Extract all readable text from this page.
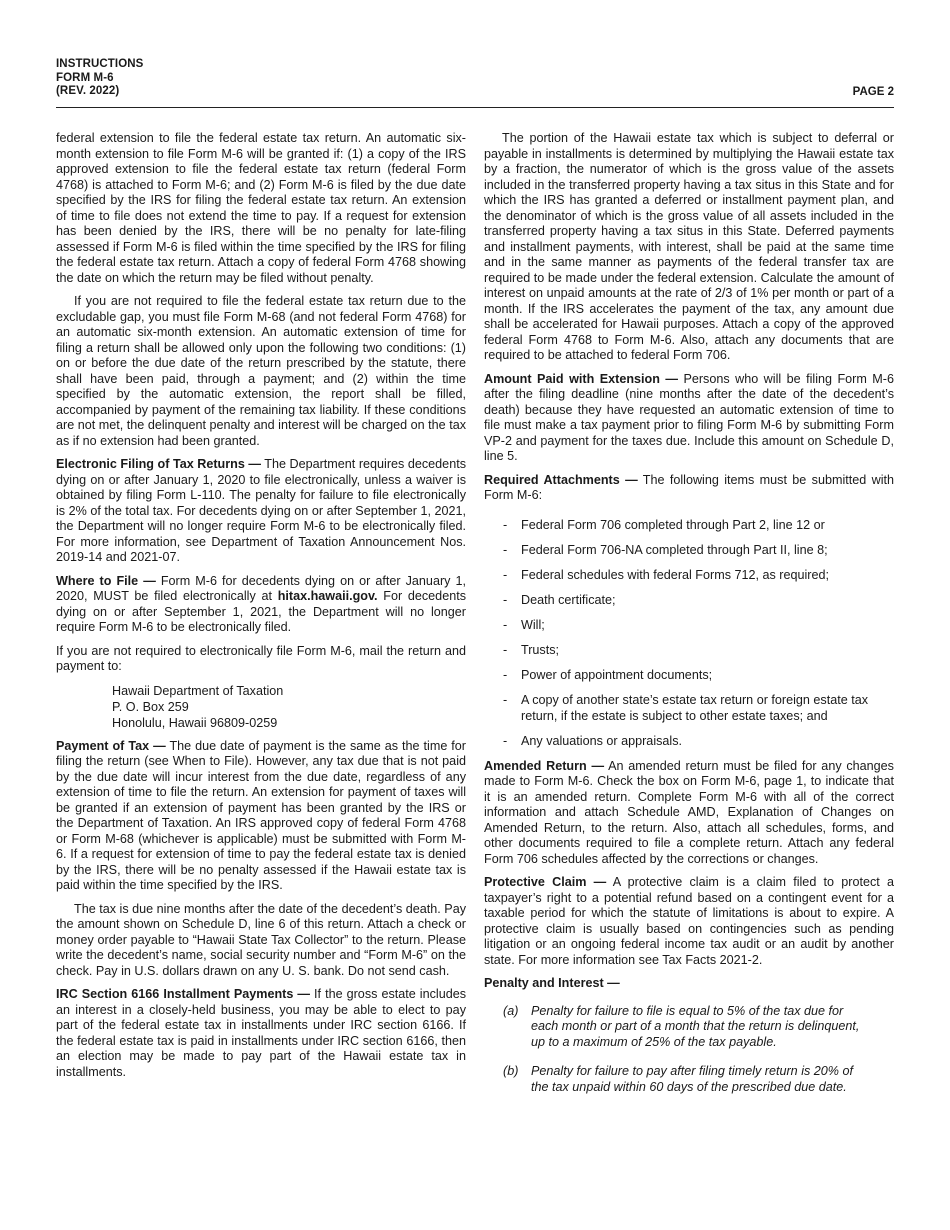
INSTRUCTIONS
FORM M-6
(REV. 2022)	PAGE 2

federal extension to file the federal estate tax return. An automatic six-month extension to file Form M-6 will be granted if: (1) a copy of the IRS approved extension to file the federal estate tax return (federal Form 4768) is attached to Form M-6; and (2) Form M-6 is filed by the due date specified by the IRS for filing the federal estate tax return. An extension of time to file does not extend the time to pay. If a request for extension has been denied by the IRS, there will be no penalty for late-filing assessed if Form M-6 is filed within the time specified by the IRS for filing the federal estate tax return. Attach a copy of federal Form 4768 showing the date on which the return may be filed without penalty.

If you are not required to file the federal estate tax return due to the excludable gap, you must file Form M-68 (and not federal Form 4768) for an automatic six-month extension. An automatic extension of time for filing a return shall be allowed only upon the following two conditions: (1) on or before the due date of the return prescribed by the statute, there shall have been paid, through a payment; and (2) within the time specified by the automatic extension, the report shall be filled, accompanied by payment of the remaining tax liability. If these conditions are not met, the delinquent penalty and interest will be charged on the tax as if no extension had been granted.

Electronic Filing of Tax Returns — The Department requires decedents dying on or after January 1, 2020 to file electronically, unless a waiver is obtained by filing Form L-110. The penalty for failure to file electronically is 2% of the total tax. For decedents dying on or after September 1, 2021, the Department will no longer require Form M-6 to be electronically filed. For more information, see Department of Taxation Announcement Nos. 2019-14 and 2021-07.

Where to File — Form M-6 for decedents dying on or after January 1, 2020, MUST be filed electronically at hitax.hawaii.gov. For decedents dying on or after September 1, 2021, the Department will no longer require Form M-6 to be electronically filed.

If you are not required to electronically file Form M-6, mail the return and payment to:

Hawaii Department of Taxation
P. O. Box 259
Honolulu, Hawaii 96809-0259

Payment of Tax — The due date of payment is the same as the time for filing the return (see When to File). However, any tax due that is not paid by the due date will incur interest from the due date, regardless of any extension of time to file the return. An extension for payment of taxes will be granted if an extension of payment has been granted by the IRS or the Department of Taxation. An IRS approved copy of federal Form 4768 or Form M-68 (whichever is applicable) must be submitted with Form M-6. If a request for extension of time to pay the federal estate tax is denied by the IRS, there will be no penalty assessed if the Hawaii estate tax is paid within the time specified by the IRS.

The tax is due nine months after the date of the decedent’s death. Pay the amount shown on Schedule D, line 6 of this return. Attach a check or money order payable to “Hawaii State Tax Collector” to the return. Please write the decedent’s name, social security number and “Form M-6” on the check. Pay in U.S. dollars drawn on any U. S. bank. Do not send cash.

IRC Section 6166 Installment Payments — If the gross estate includes an interest in a closely-held business, you may be able to elect to pay part of the federal estate tax in installments under IRC section 6166. If the federal estate tax is paid in installments under IRC section 6166, then an election may be made to pay part of the Hawaii estate tax in installments.

The portion of the Hawaii estate tax which is subject to deferral or payable in installments is determined by multiplying the Hawaii estate tax by a fraction, the numerator of which is the gross value of the assets included in the transferred property having a tax situs in this State and for which the IRS has granted a deferred or installment payment plan, and the denominator of which is the gross value of all assets included in the transferred property having a tax situs in this State. Deferred payments and installment payments, with interest, shall be paid at the same time and in the same manner as payments of the federal transfer tax are required to be made under the federal extension. Calculate the amount of interest on unpaid amounts at the rate of 2/3 of 1% per month or part of a month. If the IRS accelerates the payment of the tax, any amount due shall be accelerated for Hawaii purposes. Attach a copy of the approved federal Form 4768 to Form M-6. Also, attach any documents that are required to be attached to federal Form 706.

Amount Paid with Extension — Persons who will be filing Form M-6 after the filing deadline (nine months after the date of the decedent’s death) because they have requested an automatic extension of time to file must make a tax payment prior to filing Form M-6 by submitting Form VP-2 and payment for the taxes due. Include this amount on Schedule D, line 5.

Required Attachments — The following items must be submitted with Form M-6:

- Federal Form 706 completed through Part 2, line 12 or
- Federal Form 706-NA completed through Part II, line 8;
- Federal schedules with federal Forms 712, as required;
- Death certificate;
- Will;
- Trusts;
- Power of appointment documents;
- A copy of another state’s estate tax return or foreign estate tax return, if the estate is subject to other estate taxes; and
- Any valuations or appraisals.

Amended Return — An amended return must be filed for any changes made to Form M-6. Check the box on Form M-6, page 1, to indicate that it is an amended return. Complete Form M-6 with all of the correct information and attach Schedule AMD, Explanation of Changes on Amended Return, to the return. Also, attach all schedules, forms, and other documents required to file a complete return. Attach any federal Form 706 schedules affected by the corrections or changes.

Protective Claim — A protective claim is a claim filed to protect a taxpayer’s right to a potential refund based on a contingent event for a taxable period for which the statute of limitations is about to expire. A protective claim is usually based on contingencies such as pending litigation or an ongoing federal income tax audit or an audit by another state. For more information see Tax Facts 2021-2.

Penalty and Interest —

(a) Penalty for failure to file is equal to 5% of the tax due for each month or part of a month that the return is delinquent, up to a maximum of 25% of the tax payable.
(b) Penalty for failure to pay after filing timely return is 20% of the tax unpaid within 60 days of the prescribed due date.
